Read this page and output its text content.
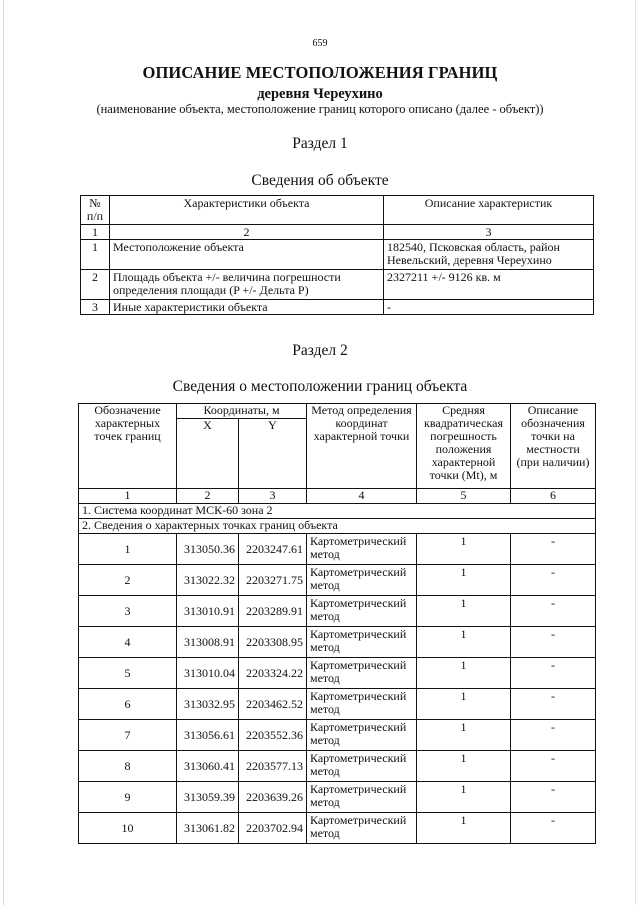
659
ОПИСАНИЕ МЕСТОПОЛОЖЕНИЯ ГРАНИЦ
деревня Череухино
(наименование объекта, местоположение границ которого описано (далее - объект))
Раздел 1
Сведения об объекте
№ п/п	Характеристики объекта	Описание характеристик
1	2	3
1	Местоположение объекта	182540, Псковская область, район Невельский, деревня Череухино
2	Площадь объекта +/- величина погрешности определения площади (P +/- Дельта P)	2327211 +/- 9126 кв. м
3	Иные характеристики объекта	-
Раздел 2
Сведения о местоположении границ объекта
Обозначение характерных точек границ	Координаты, м		Метод определения координат характерной точки	Средняя квадратическая погрешность положения характерной точки (Mt), м	Описание обозначения точки на местности (при наличии)
	X	Y			
1	2	3	4	5	6
1. Система координат МСК-60 зона 2					
2. Сведения о характерных точках границ объекта					
1	313050.36	2203247.61	Картометрический метод	1	-
2	313022.32	2203271.75	Картометрический метод	1	-
3	313010.91	2203289.91	Картометрический метод	1	-
4	313008.91	2203308.95	Картометрический метод	1	-
5	313010.04	2203324.22	Картометрический метод	1	-
6	313032.95	2203462.52	Картометрический метод	1	-
7	313056.61	2203552.36	Картометрический метод	1	-
8	313060.41	2203577.13	Картометрический метод	1	-
9	313059.39	2203639.26	Картометрический метод	1	-
10	313061.82	2203702.94	Картометрический метод	1	-
